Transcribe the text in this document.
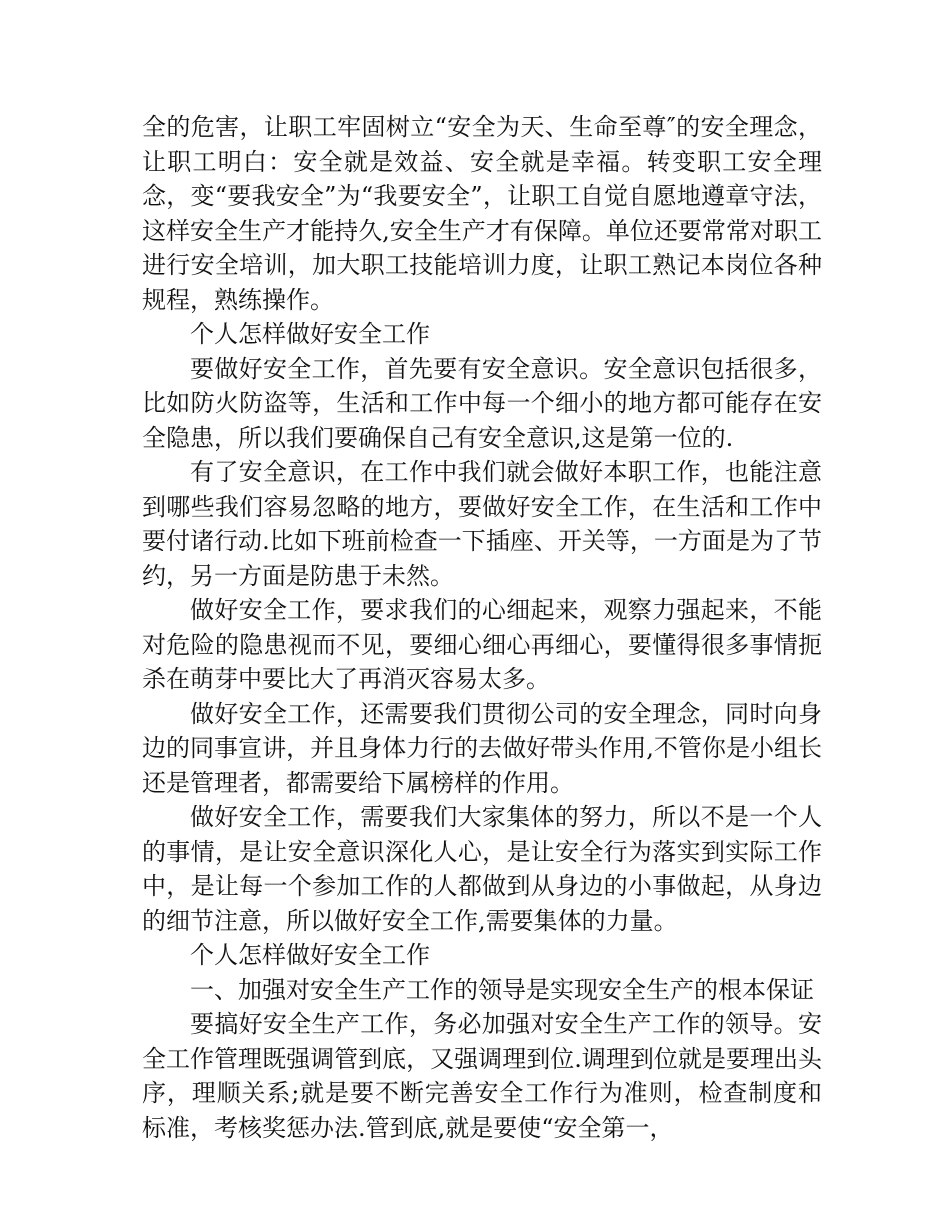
全的危害，让职工牢固树立“安全为天、生命至尊″的安全理念，让职工明白：安全就是效益、安全就是幸福。转变职工安全理念，变“要我安全”为“我要安全”，让职工自觉自愿地遵章守法，这样安全生产才能持久,安全生产才有保障。单位还要常常对职工进行安全培训，加大职工技能培训力度，让职工熟记本岗位各种规程，熟练操作。

个人怎样做好安全工作

要做好安全工作，首先要有安全意识。安全意识包括很多，比如防火防盗等，生活和工作中每一个细小的地方都可能存在安全隐患，所以我们要确保自己有安全意识,这是第一位的.

有了安全意识，在工作中我们就会做好本职工作，也能注意到哪些我们容易忽略的地方，要做好安全工作，在生活和工作中要付诸行动.比如下班前检查一下插座、开关等，一方面是为了节约，另一方面是防患于未然。

做好安全工作，要求我们的心细起来，观察力强起来，不能对危险的隐患视而不见，要细心细心再细心，要懂得很多事情扼杀在萌芽中要比大了再消灭容易太多。

做好安全工作，还需要我们贯彻公司的安全理念，同时向身边的同事宣讲，并且身体力行的去做好带头作用,不管你是小组长还是管理者，都需要给下属榜样的作用。

做好安全工作，需要我们大家集体的努力，所以不是一个人的事情，是让安全意识深化人心，是让安全行为落实到实际工作中，是让每一个参加工作的人都做到从身边的小事做起，从身边的细节注意，所以做好安全工作,需要集体的力量。

个人怎样做好安全工作

一、加强对安全生产工作的领导是实现安全生产的根本保证

要搞好安全生产工作，务必加强对安全生产工作的领导。安全工作管理既强调管到底，又强调理到位.调理到位就是要理出头序，理顺关系;就是要不断完善安全工作行为准则，检查制度和标准，考核奖惩办法.管到底,就是要使“安全第一，
